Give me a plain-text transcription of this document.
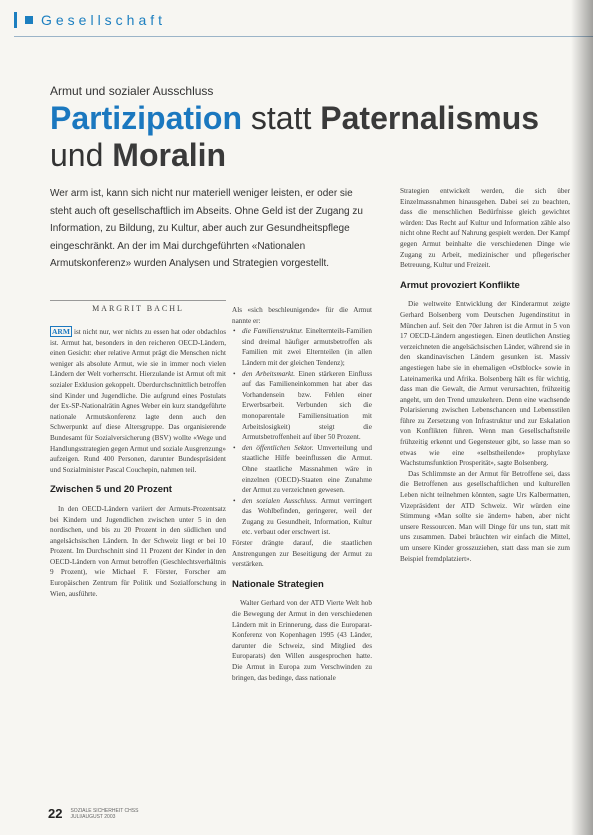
Gesellschaft
Armut und sozialer Ausschluss
Partizipation statt Paternalismus
und Moralin
Wer arm ist, kann sich nicht nur materiell weniger leisten, er oder sie steht auch oft gesellschaftlich im Abseits. Ohne Geld ist der Zugang zu Information, zu Bildung, zu Kultur, aber auch zur Gesundheitspflege eingeschränkt. An der im Mai durchgeführten «Nationalen Armutskonferenz» wurden Analysen und Strategien vorgestellt.
MARGRIT BACHL

ARM ist nicht nur, wer nichts zu essen hat oder obdachlos ist. Armut hat, besonders in den reicheren OECD-Ländern, einen Gesicht: eher relative Armut prägt die Menschen nicht weniger als absolute Armut, wie sie in immer noch vielen Ländern der Welt vorherrscht. Hierzulande ist Armut oft mit sozialer Exklusion gekoppelt. Überdurchschnittlich betroffen sind Kinder und Jugendliche. Die aufgrund eines Postulats der Ex-SP-Nationalrätin Agnes Weber ein kurz standgeführte nationale Armutskonferenz lagte denn auch den Schwerpunkt auf diese Altersgruppe. Das organisierende Bundesamt für Sozialversicherung (BSV) wollte «Wege und Handlungsstrategien gegen Armut und soziale Ausgrenzung» aufzeigen. Rund 400 Personen, darunter Bundespräsident und Sozialminister Pascal Couchepin, nahmen teil.

Zwischen 5 und 20 Prozent

In den OECD-Ländern variiert der Armuts-Prozentsatz bei Kindern und Jugendlichen zwischen unter 5 in den nordischen, und bis zu 20 Prozent in den südlichen und angelsächsischen Ländern. In der Schweiz liegt er bei 10 Prozent. Im Durchschnitt sind 11 Prozent der Kinder in den OECD-Ländern von Armut betroffen (Geschlechtsverhältnis 9 Prozent), wie Michael F. Förster, Forscher am Europäischen Zentrum für Politik und Sozialforschung in Wien, ausführte.

Als «sich beschleunigende» für die Armut nannte er:

• die Familienstruktur. Einelternteils-Familien sind dreimal häufiger armutsbetroffen als Familien mit zwei Elternteilen (in allen Ländern mit der gleichen Tendenz);
• den Arbeitsmarkt. Einen stärkeren Einfluss auf das Familieneinkommen hat aber das Vorhandensein bzw. Fehlen einer Erwerbsarbeit. Verbunden sich die monoparentale Familiensituation mit Arbeitslosigkeit) steigt die Armutsbetroffenheit auf über 50 Prozent.
• den öffentlichen Sektor. Umverteilung und staatliche Hilfe beeinflussen die Armut. Ohne staatliche Massnahmen wäre in einzelnen (OECD)-Staaten eine Zunahme der Armut zu verzeichnen gewesen.
• den sozialen Ausschluss. Armut verringert das Wohlbefinden, geringerer, weil der Zugang zu Gesundheit, Information, Kultur etc. verbaut oder erschwert ist.

Förster drängte darauf, die staatlichen Anstrengungen zur Beseitigung der Armut zu verstärken.

Nationale Strategien

Walter Gerhard von der ATD Vierte Welt hob die Bewegung der Armut in den verschiedenen Ländern mit in Erinnerung, dass die Europarat-Konferenz von Kopenhagen 1995 (43 Länder, darunter die Schweiz, sind Mitglied des Europarats) den Willen ausgesprochen hatte. Die Armut in Europa zum Verschwinden zu bringen, das bedinge, dass nationale

Strategien entwickelt werden, die sich über Einzelmassnahmen hinausgehen. Dabei sei zu beachten, dass die menschlichen Bedürfnisse gleich gewichtet würden: Das Recht auf Kultur und Information zähle also nicht ohne Recht auf Nahrung gespielt werden. Der Kampf gegen Armut beinhalte die verschiedenen Dinge wie Zugang zu Arbeit, medizinischer und pflegerischer Betreuung, Kultur und Freizeit.

Armut provoziert Konflikte

Die weltweite Entwicklung der Kinderarmut zeigte Gerhard Bolsenberg vom Deutschen Jugendinstitut in München auf. Seit den 70er Jahren ist die Armut in 5 von 17 OECD-Ländern angestiegen. Einen deutlichen Anstieg verzeichneten die angelsächsischen Länder, während sie in den skandinavischen Ländern gesunken ist. Massiv angestiegen habe sie in ehemaligen «Ostblock» sowie in Lateinamerika und Afrika. Bolsenberg hält es für wichtig, dass man die Gewalt, die Armut verursachten, frühzeitig angeht, um den Trend umzukehren. Denn eine wachsende Polarisierung zwischen Lebenschancen und Lebensstilen führe zu Zersetzung von Infrastruktur und zur Eskalation von Konflikten führen. Wenn man Gesellschaftsteile frühzeitig erkennt und Gegensteuer gibt, so lasse man so etwas wie eine «selbstheilende» prophylaxe Wachstumsfunktion Prosperität», sagte Bolsenberg.

Das Schlimmste an der Armut für Betroffene sei, dass die Betroffenen aus gesellschaftlichen und kulturellen Leben nicht teilnehmen könnten, sagte Urs Kalbermatten, Vizepräsident der ATD Schweiz. Wir würden eine Stimmung «Man sollte sie ändern» haben, aber nicht unsere Ressourcen. Man will Dinge für uns tun, statt mit uns zusammen. Dabei bräuchten wir einfach die Mittel, um unsere Kinder grosszuziehen, statt dass man sie zum Beispiel fremdplatziert».

22 SOZIALE SICHERHEIT CHSS
JULI/AUGUST 2003
